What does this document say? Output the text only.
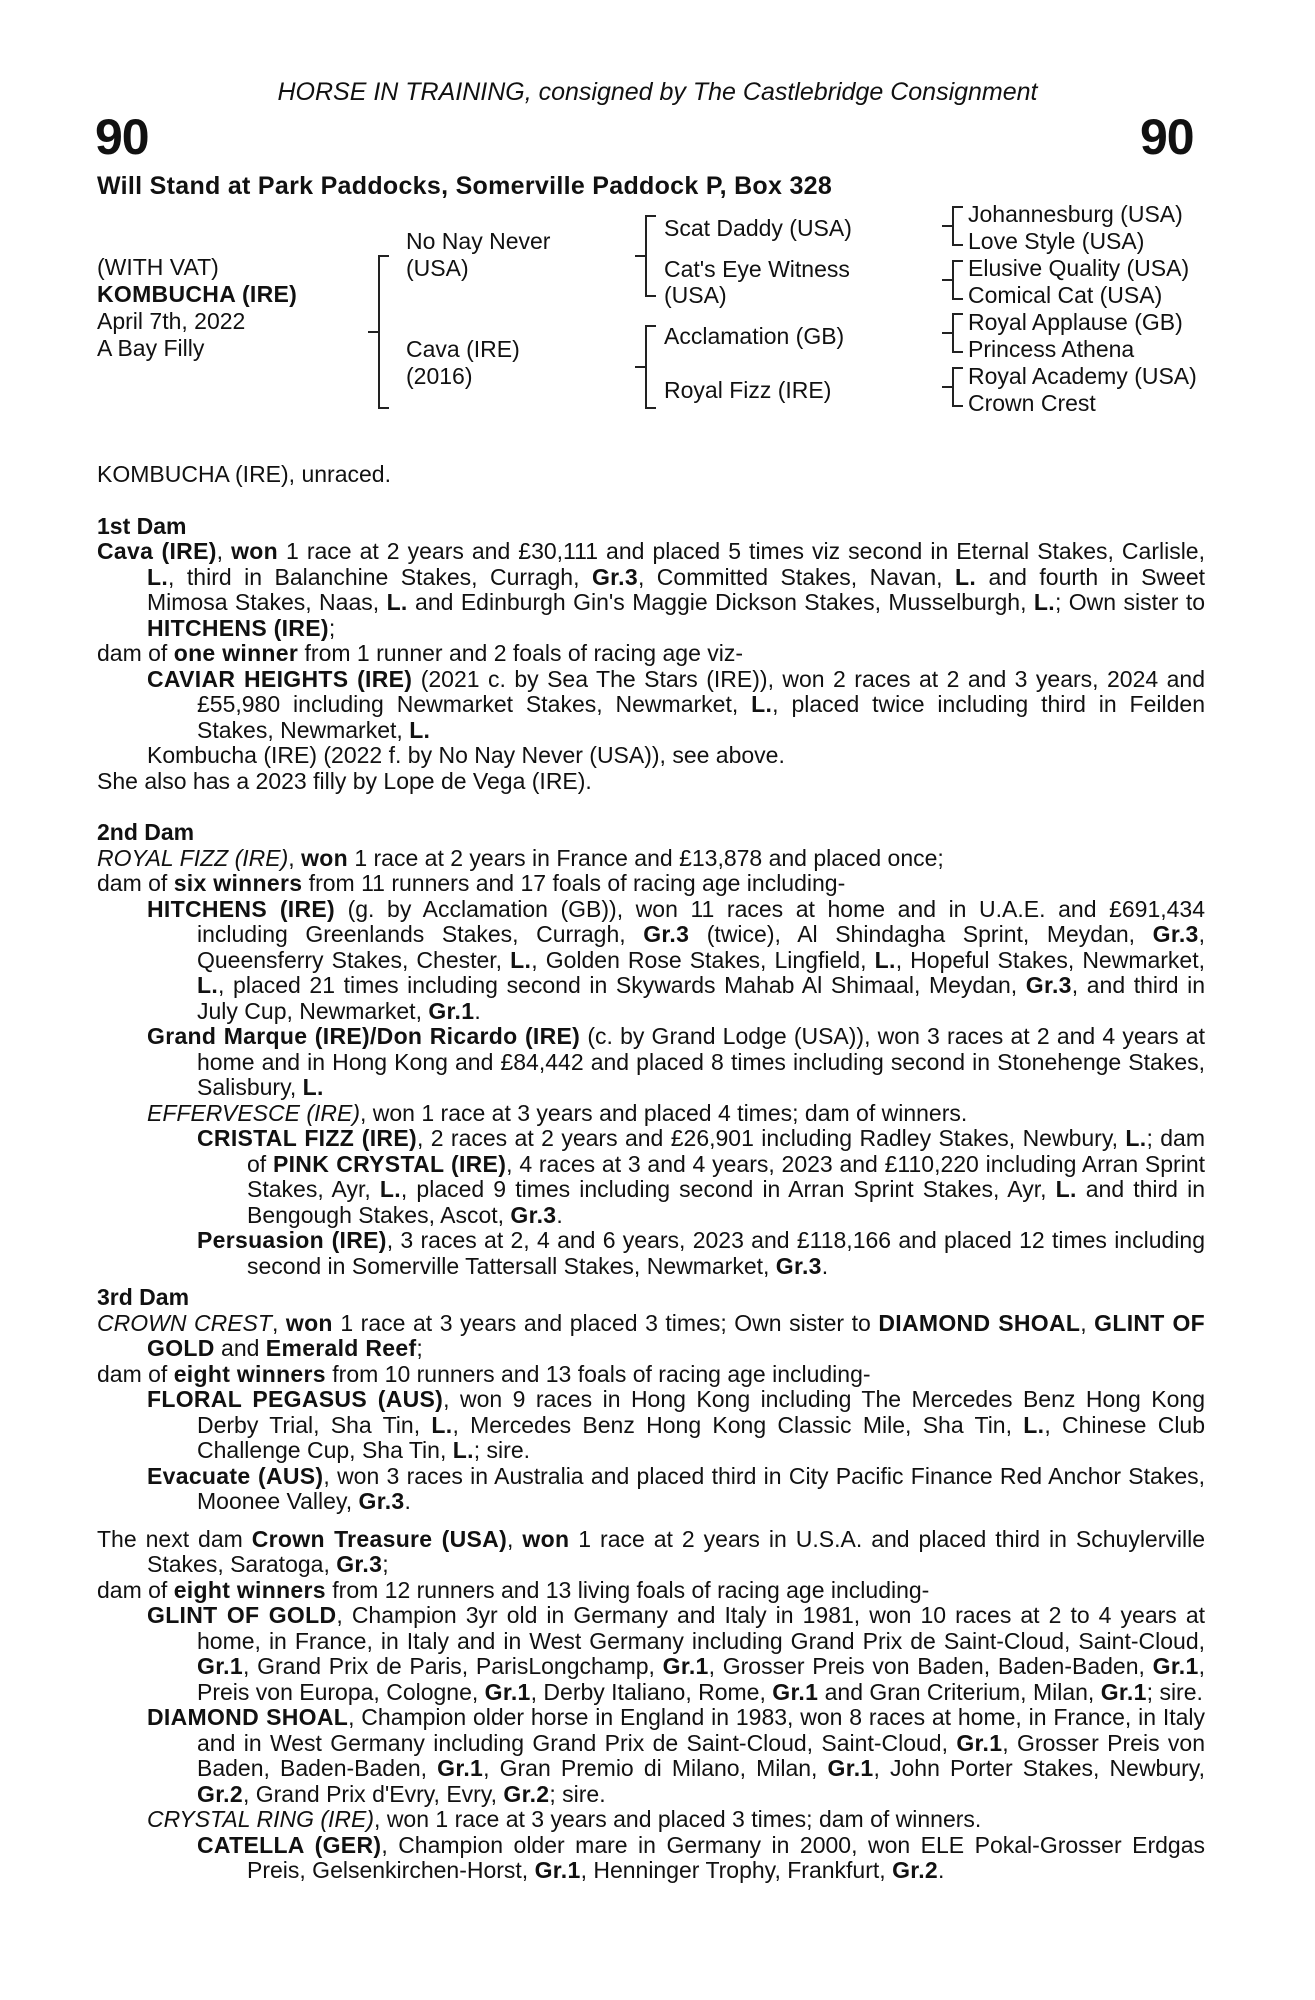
HORSE IN TRAINING, consigned by The Castlebridge Consignment
90	90
Will Stand at Park Paddocks, Somerville Paddock P, Box 328
(WITH VAT)
KOMBUCHA (IRE)
April 7th, 2022
A Bay Filly
No Nay Never
(USA)
Cava (IRE)
(2016)
Scat Daddy (USA)
Cat's Eye Witness
(USA)
Acclamation (GB)
Royal Fizz (IRE)
Johannesburg (USA)
Love Style (USA)
Elusive Quality (USA)
Comical Cat (USA)
Royal Applause (GB)
Princess Athena
Royal Academy (USA)
Crown Crest

KOMBUCHA (IRE), unraced.

1st Dam

Cava (IRE), won 1 race at 2 years and £30,111 and placed 5 times viz second in Eternal Stakes, Carlisle, L., third in Balanchine Stakes, Curragh, Gr.3, Committed Stakes, Navan, L. and fourth in Sweet Mimosa Stakes, Naas, L. and Edinburgh Gin's Maggie Dickson Stakes, Musselburgh, L.; Own sister to HITCHENS (IRE);

dam of one winner from 1 runner and 2 foals of racing age viz-

CAVIAR HEIGHTS (IRE) (2021 c. by Sea The Stars (IRE)), won 2 races at 2 and 3 years, 2024 and £55,980 including Newmarket Stakes, Newmarket, L., placed twice including third in Feilden Stakes, Newmarket, L.

Kombucha (IRE) (2022 f. by No Nay Never (USA)), see above.

She also has a 2023 filly by Lope de Vega (IRE).

2nd Dam

ROYAL FIZZ (IRE), won 1 race at 2 years in France and £13,878 and placed once;

dam of six winners from 11 runners and 17 foals of racing age including-

HITCHENS (IRE) (g. by Acclamation (GB)), won 11 races at home and in U.A.E. and £691,434 including Greenlands Stakes, Curragh, Gr.3 (twice), Al Shindagha Sprint, Meydan, Gr.3, Queensferry Stakes, Chester, L., Golden Rose Stakes, Lingfield, L., Hopeful Stakes, Newmarket, L., placed 21 times including second in Skywards Mahab Al Shimaal, Meydan, Gr.3, and third in July Cup, Newmarket, Gr.1.

Grand Marque (IRE)/Don Ricardo (IRE) (c. by Grand Lodge (USA)), won 3 races at 2 and 4 years at home and in Hong Kong and £84,442 and placed 8 times including second in Stonehenge Stakes, Salisbury, L.

EFFERVESCE (IRE), won 1 race at 3 years and placed 4 times; dam of winners.

CRISTAL FIZZ (IRE), 2 races at 2 years and £26,901 including Radley Stakes, Newbury, L.; dam of PINK CRYSTAL (IRE), 4 races at 3 and 4 years, 2023 and £110,220 including Arran Sprint Stakes, Ayr, L., placed 9 times including second in Arran Sprint Stakes, Ayr, L. and third in Bengough Stakes, Ascot, Gr.3.

Persuasion (IRE), 3 races at 2, 4 and 6 years, 2023 and £118,166 and placed 12 times including second in Somerville Tattersall Stakes, Newmarket, Gr.3.

3rd Dam

CROWN CREST, won 1 race at 3 years and placed 3 times; Own sister to DIAMOND SHOAL, GLINT OF GOLD and Emerald Reef;

dam of eight winners from 10 runners and 13 foals of racing age including-

FLORAL PEGASUS (AUS), won 9 races in Hong Kong including The Mercedes Benz Hong Kong Derby Trial, Sha Tin, L., Mercedes Benz Hong Kong Classic Mile, Sha Tin, L., Chinese Club Challenge Cup, Sha Tin, L.; sire.

Evacuate (AUS), won 3 races in Australia and placed third in City Pacific Finance Red Anchor Stakes, Moonee Valley, Gr.3.

The next dam Crown Treasure (USA), won 1 race at 2 years in U.S.A. and placed third in Schuylerville Stakes, Saratoga, Gr.3;

dam of eight winners from 12 runners and 13 living foals of racing age including-

GLINT OF GOLD, Champion 3yr old in Germany and Italy in 1981, won 10 races at 2 to 4 years at home, in France, in Italy and in West Germany including Grand Prix de Saint-Cloud, Saint-Cloud, Gr.1, Grand Prix de Paris, ParisLongchamp, Gr.1, Grosser Preis von Baden, Baden-Baden, Gr.1, Preis von Europa, Cologne, Gr.1, Derby Italiano, Rome, Gr.1 and Gran Criterium, Milan, Gr.1; sire.

DIAMOND SHOAL, Champion older horse in England in 1983, won 8 races at home, in France, in Italy and in West Germany including Grand Prix de Saint-Cloud, Saint-Cloud, Gr.1, Grosser Preis von Baden, Baden-Baden, Gr.1, Gran Premio di Milano, Milan, Gr.1, John Porter Stakes, Newbury, Gr.2, Grand Prix d'Evry, Evry, Gr.2; sire.

CRYSTAL RING (IRE), won 1 race at 3 years and placed 3 times; dam of winners.

CATELLA (GER), Champion older mare in Germany in 2000, won ELE Pokal-Grosser Erdgas Preis, Gelsenkirchen-Horst, Gr.1, Henninger Trophy, Frankfurt, Gr.2.
